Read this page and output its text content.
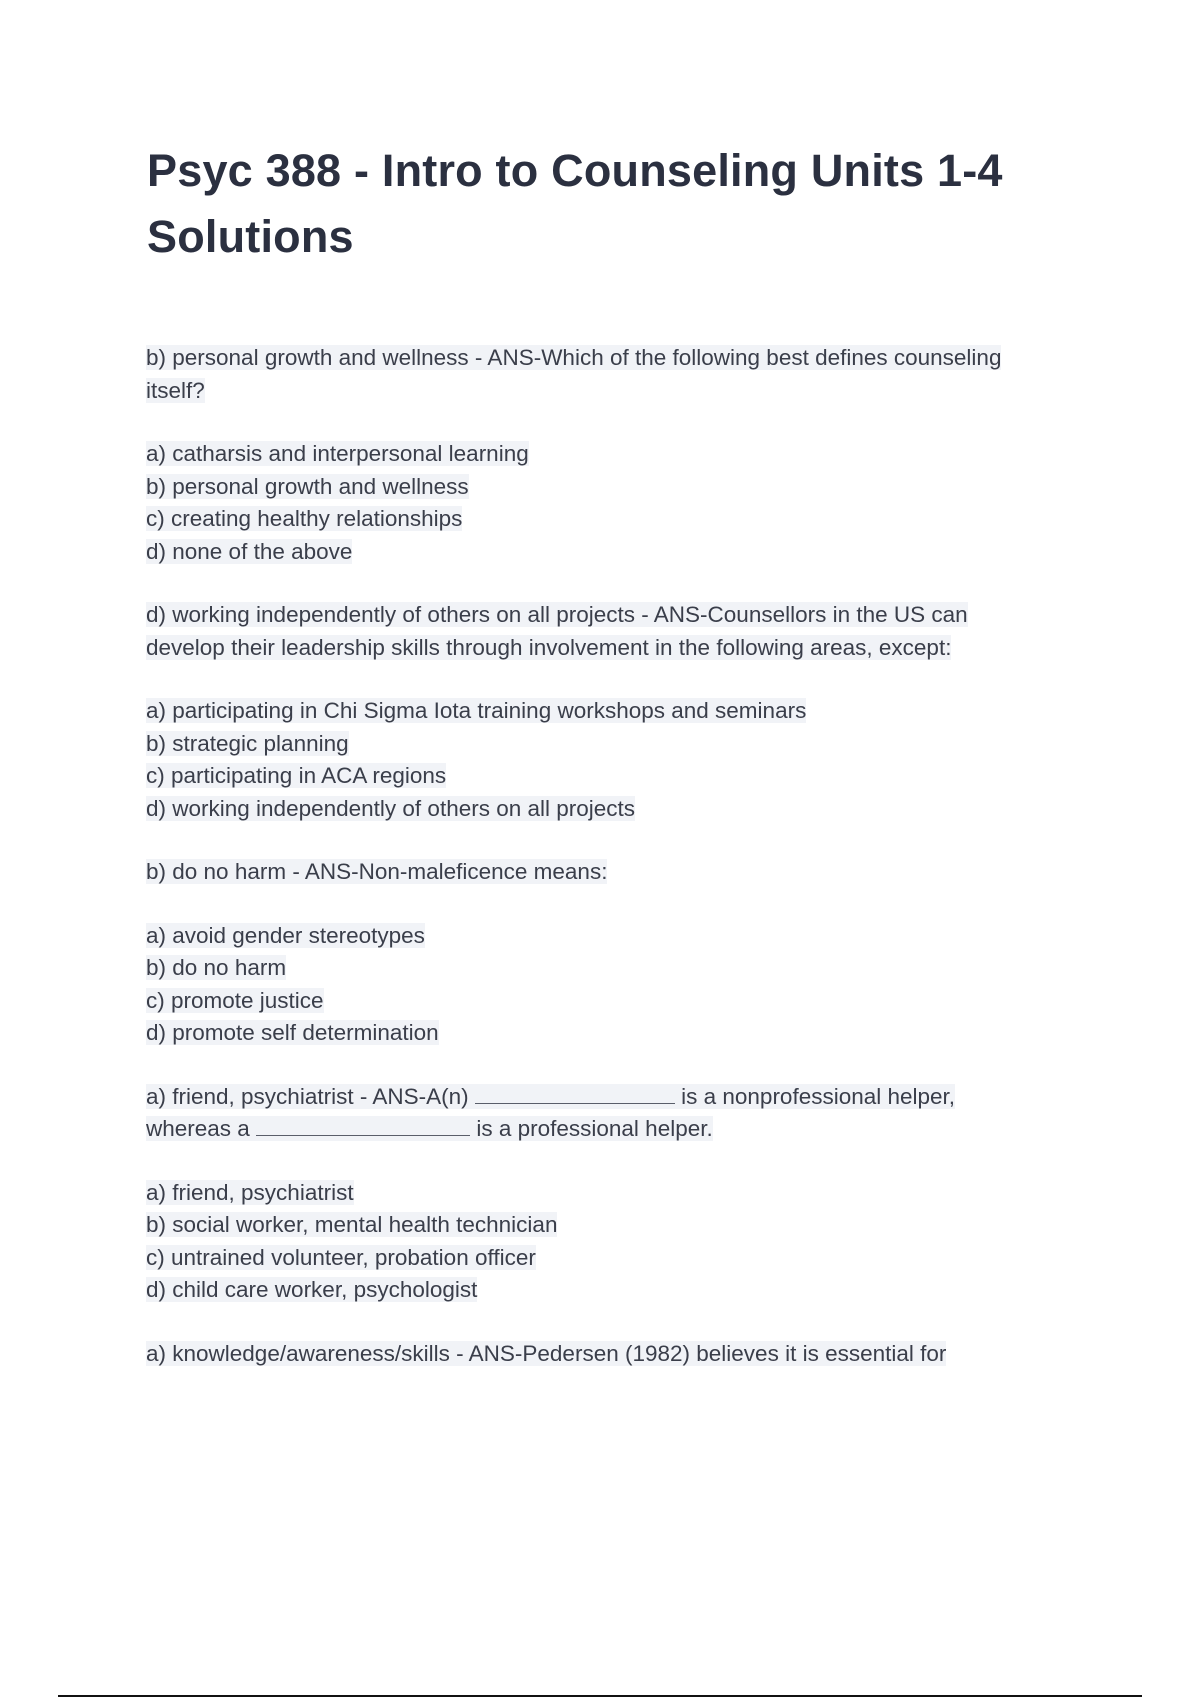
Psyc 388 - Intro to Counseling Units 1-4
Solutions
b) personal growth and wellness - ANS-Which of the following best defines counseling
itself?
a) catharsis and interpersonal learning
b) personal growth and wellness
c) creating healthy relationships
d) none of the above
d) working independently of others on all projects - ANS-Counsellors in the US can
develop their leadership skills through involvement in the following areas, except:
a) participating in Chi Sigma Iota training workshops and seminars
b) strategic planning
c) participating in ACA regions
d) working independently of others on all projects
b) do no harm - ANS-Non-maleficence means:
a) avoid gender stereotypes
b) do no harm
c) promote justice
d) promote self determination
a) friend, psychiatrist - ANS-A(n)	is a nonprofessional helper,
whereas a	is a professional helper.
a) friend, psychiatrist
b) social worker, mental health technician
c) untrained volunteer, probation officer
d) child care worker, psychologist
a) knowledge/awareness/skills - ANS-Pedersen (1982) believes it is essential for
